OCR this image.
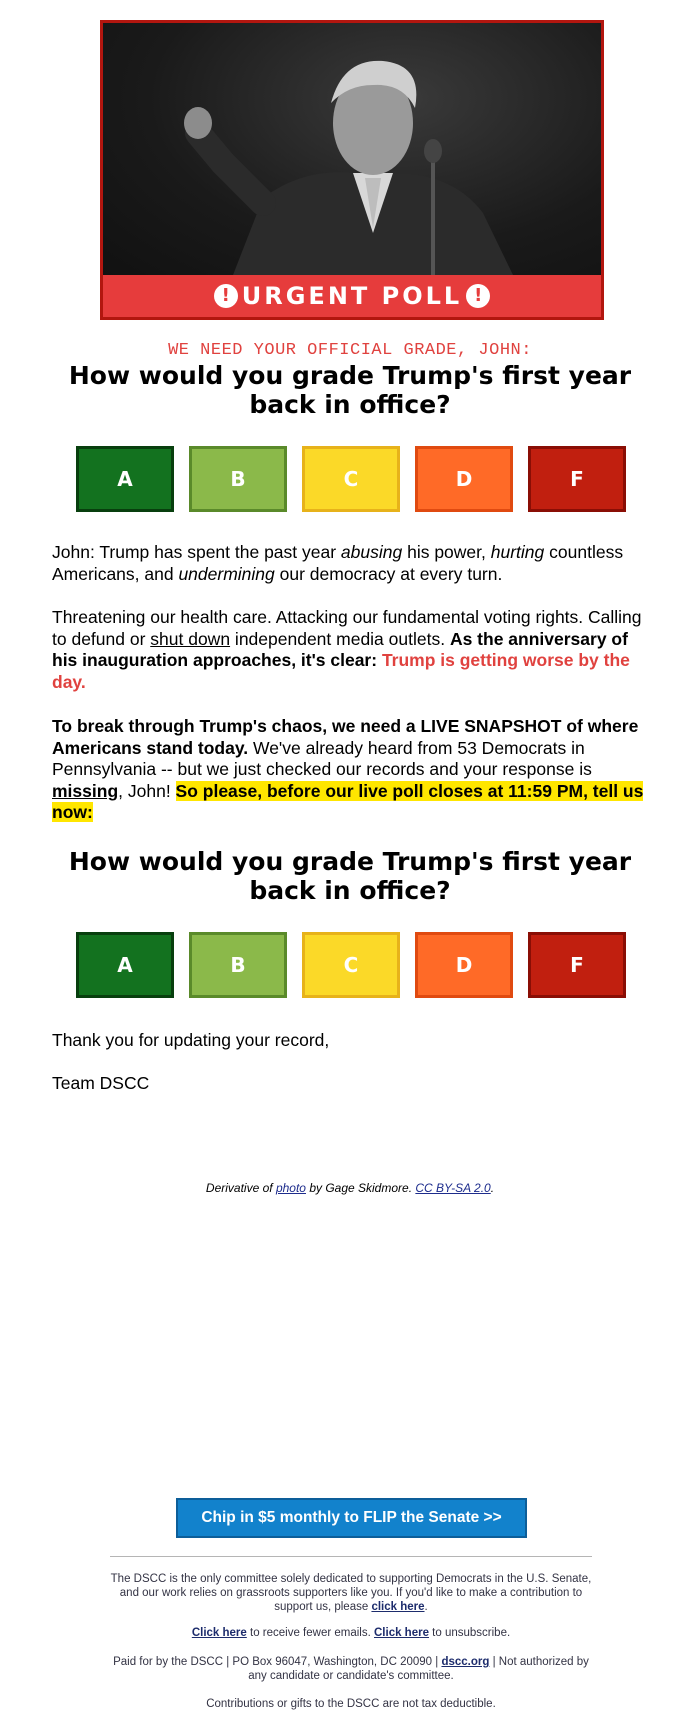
! URGENT POLL !
WE NEED YOUR OFFICIAL GRADE, JOHN:
How would you grade Trump's first year back in office?
A	B	C	D	F
John: Trump has spent the past year abusing his power, hurting countless Americans, and undermining our democracy at every turn.
Threatening our health care. Attacking our fundamental voting rights. Calling to defund or shut down independent media outlets. As the anniversary of his inauguration approaches, it's clear: Trump is getting worse by the day.
To break through Trump's chaos, we need a LIVE SNAPSHOT of where Americans stand today. We've already heard from 53 Democrats in Pennsylvania -- but we just checked our records and your response is missing, John! So please, before our live poll closes at 11:59 PM, tell us now:
How would you grade Trump's first year back in office?
A	B	C	D	F
Thank you for updating your record,
Team DSCC
Derivative of photo by Gage Skidmore. CC BY-SA 2.0.
Chip in $5 monthly to FLIP the Senate >>
The DSCC is the only committee solely dedicated to supporting Democrats in the U.S. Senate, and our work relies on grassroots supporters like you. If you'd like to make a contribution to support us, please click here.
Click here to receive fewer emails. Click here to unsubscribe.
Paid for by the DSCC | PO Box 96047, Washington, DC 20090 | dscc.org | Not authorized by any candidate or candidate's committee.
Contributions or gifts to the DSCC are not tax deductible.
